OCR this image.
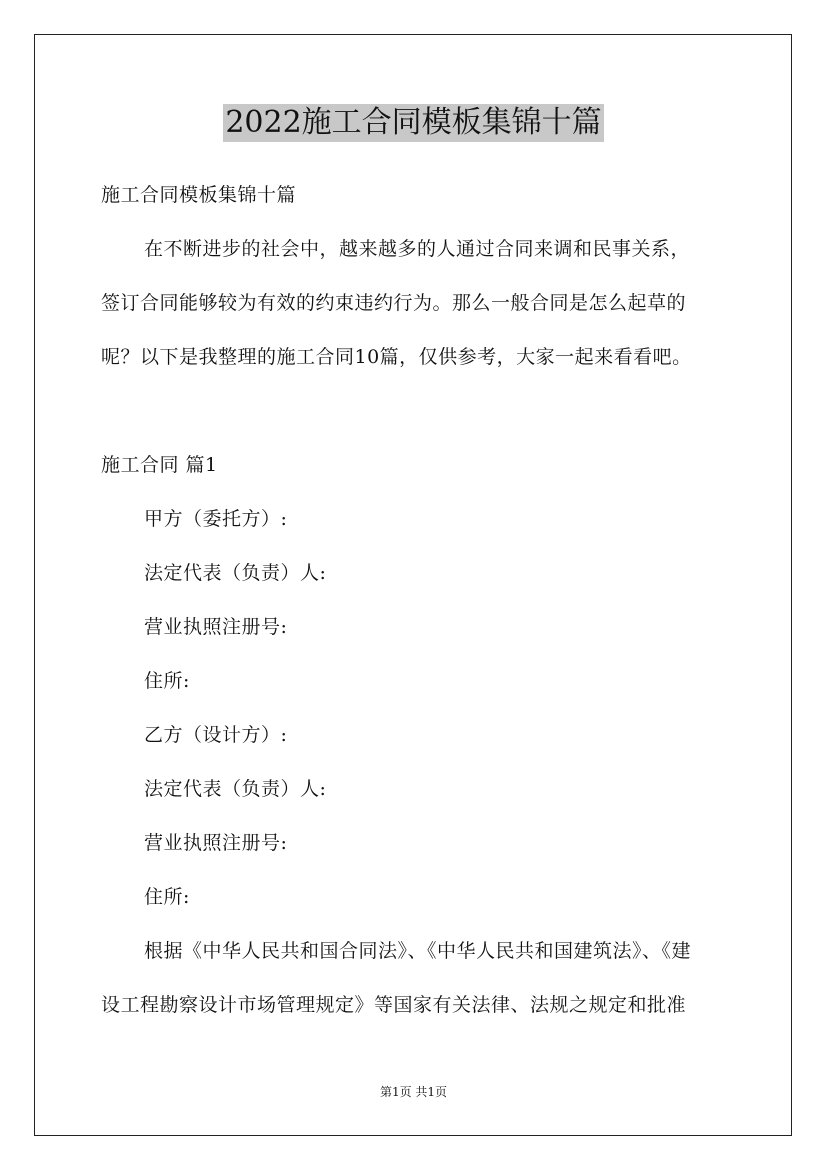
2022施工合同模板集锦十篇
施工合同模板集锦十篇
在不断进步的社会中，越来越多的人通过合同来调和民事关系，
签订合同能够较为有效的约束违约行为。那么一般合同是怎么起草的
呢？以下是我整理的施工合同10篇，仅供参考，大家一起来看看吧。
施工合同 篇1
甲方（委托方）:
法定代表（负责）人:
营业执照注册号:
住所:
乙方（设计方）:
法定代表（负责）人:
营业执照注册号:
住所:
根据《中华人民共和国合同法》、《中华人民共和国建筑法》、《建
设工程勘察设计市场管理规定》等国家有关法律、法规之规定和批准
第1页 共1页
